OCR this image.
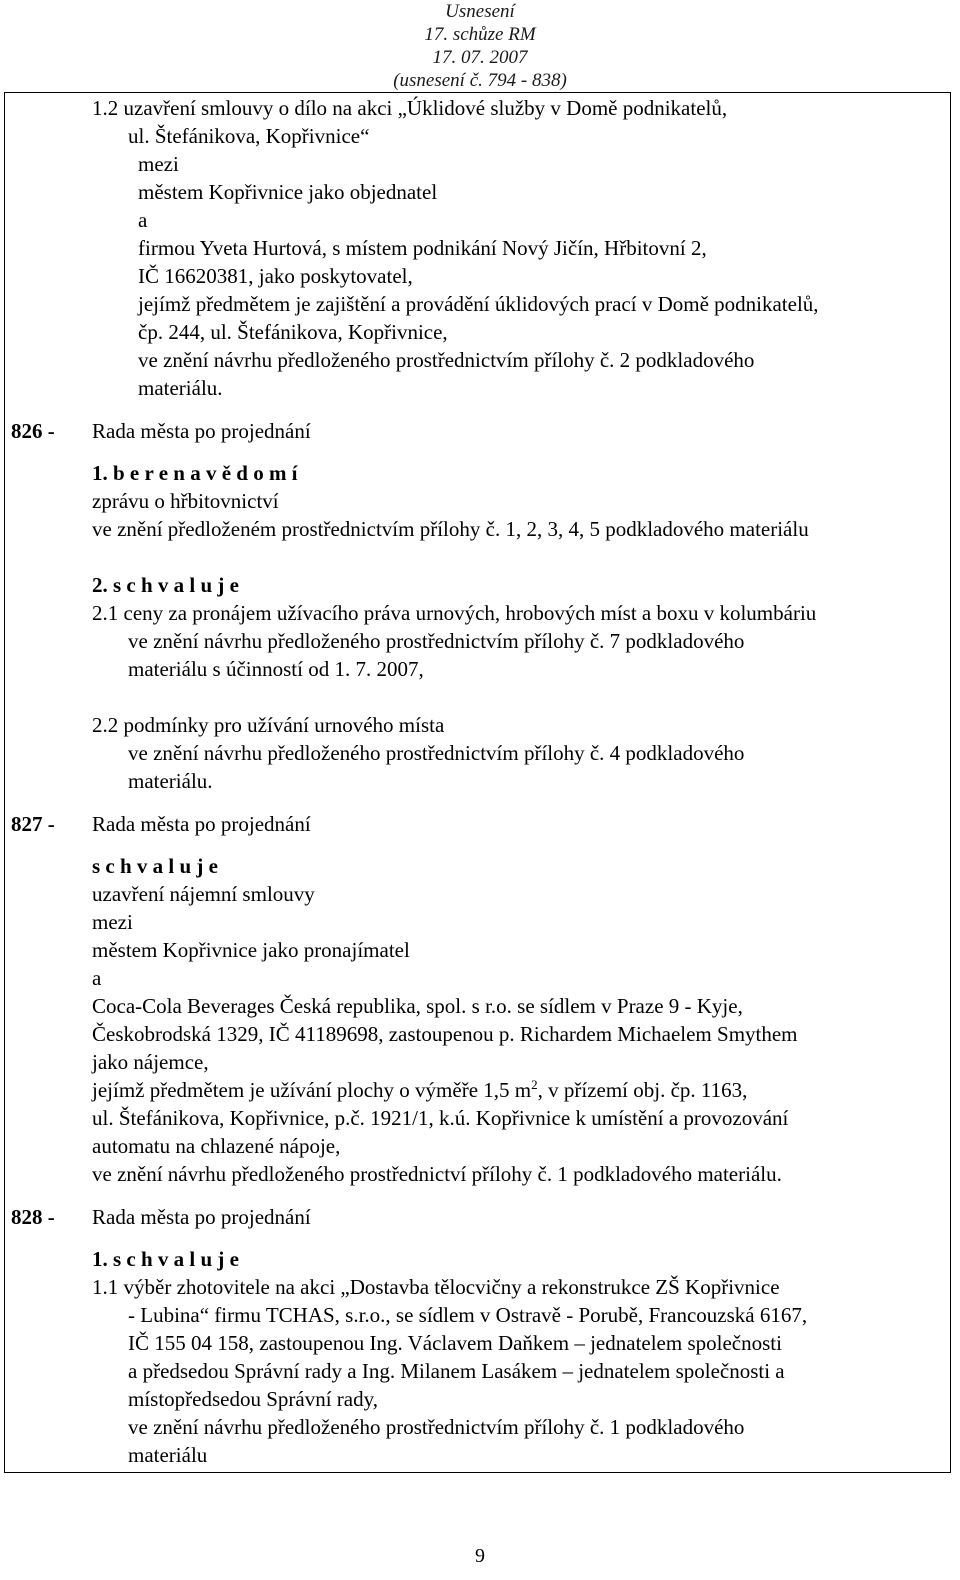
Usnesení
17. schůze RM
17. 07. 2007
(usnesení č. 794 - 838)
1.2 uzavření smlouvy o dílo na akci „Úklidové služby v Domě podnikatelů,
ul. Štefánikova, Kopřivnice“
mezi
městem Kopřivnice jako objednatel
a
firmou Yveta Hurtová, s místem podnikání Nový Jičín, Hřbitovní 2,
IČ 16620381, jako poskytovatel,
jejímž předmětem je zajištění a provádění úklidových prací v Domě podnikatelů,
čp. 244, ul. Štefánikova, Kopřivnice,
ve znění návrhu předloženého prostřednictvím přílohy č. 2 podkladového
materiálu.
826 - Rada města po projednání
1. b e r e n a v ě d o m í
zprávu o hřbitovnictví
ve znění předloženém prostřednictvím přílohy č. 1, 2, 3, 4, 5 podkladového materiálu
2. s c h v a l u j e
2.1 ceny za pronájem užívacího práva urnových, hrobových míst a boxu v kolumbáriu
ve znění návrhu předloženého prostřednictvím přílohy č. 7 podkladového
materiálu s účinností od 1. 7. 2007,
2.2 podmínky pro užívání urnového místa
ve znění návrhu předloženého prostřednictvím přílohy č. 4 podkladového
materiálu.
827 - Rada města po projednání
s c h v a l u j e
uzavření nájemní smlouvy
mezi
městem Kopřivnice jako pronajímatel
a
Coca-Cola Beverages Česká republika, spol. s r.o. se sídlem v Praze 9 - Kyje,
Českobrodská 1329, IČ 41189698, zastoupenou p. Richardem Michaelem Smythem
jako nájemce,
jejímž předmětem je užívání plochy o výměře 1,5 $m^2$, v přízemí obj. čp. 1163,
ul. Štefánikova, Kopřivnice, p.č. 1921/1, k.ú. Kopřivnice k umístění a provozování
automatu na chlazené nápoje,
ve znění návrhu předloženého prostřednictví přílohy č. 1 podkladového materiálu.
828 - Rada města po projednání
1. s c h v a l u j e
1.1 výběr zhotovitele na akci „Dostavba tělocvičny a rekonstrukce ZŠ Kopřivnice
- Lubina“ firmu TCHAS, s.r.o., se sídlem v Ostravě - Porubě, Francouzská 6167,
IČ 155 04 158, zastoupenou Ing. Václavem Daňkem – jednatelem společnosti
a předsedou Správní rady a Ing. Milanem Lasákem – jednatelem společnosti a
místopředsedou Správní rady,
ve znění návrhu předloženého prostřednictvím přílohy č. 1 podkladového
materiálu
9
